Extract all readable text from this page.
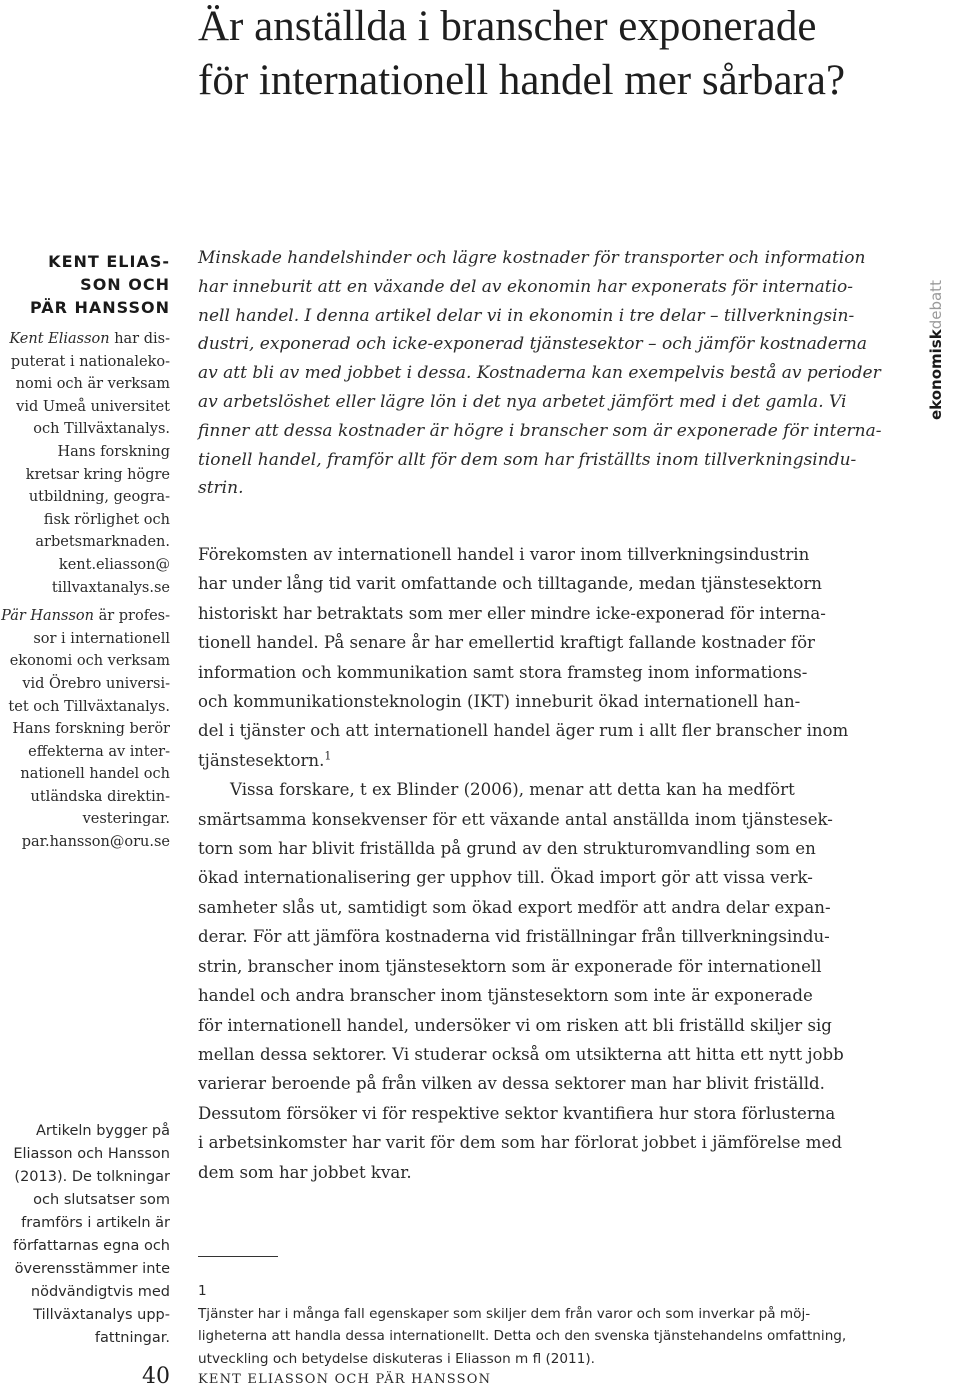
Är anställda i branscher exponerade
för internationell handel mer sårbara?
KENT ELIAS-
SON OCH
PÄR HANSSON
Kent Eliasson har dis-
puterat i nationaleko-
nomi och är verksam
vid Umeå universitet
och Tillväxtanalys.
Hans forskning
kretsar kring högre
utbildning, geogra-
fisk rörlighet och
arbetsmarknaden.
kent.eliasson@
tillvaxtanalys.se
Pär Hansson är profes-
sor i internationell
ekonomi och verksam
vid Örebro universi-
tet och Tillväxtanalys.
Hans forskning berör
effekterna av inter-
nationell handel och
utländska direktin-
vesteringar.
par.hansson@oru.se
Artikeln bygger på
Eliasson och Hansson
(2013). De tolkningar
och slutsatser som
framförs i artikeln är
författarnas egna och
överensstämmer inte
nödvändigtvis med
Tillväxtanalys upp-
fattningar.
ekonomiskdebatt
Minskade handelshinder och lägre kostnader för transporter och information
har inneburit att en växande del av ekonomin har exponerats för internatio-
nell handel. I denna artikel delar vi in ekonomin i tre delar – tillverkningsin-
dustri, exponerad och icke-exponerad tjänstesektor – och jämför kostnaderna
av att bli av med jobbet i dessa. Kostnaderna kan exempelvis bestå av perioder
av arbetslöshet eller lägre lön i det nya arbetet jämfört med i det gamla. Vi
finner att dessa kostnader är högre i branscher som är exponerade för interna-
tionell handel, framför allt för dem som har friställts inom tillverkningsindu-
strin.
Förekomsten av internationell handel i varor inom tillverkningsindustrin
har under lång tid varit omfattande och tilltagande, medan tjänstesektorn
historiskt har betraktats som mer eller mindre icke-exponerad för interna-
tionell handel. På senare år har emellertid kraftigt fallande kostnader för
information och kommunikation samt stora framsteg inom informations-
och kommunikationsteknologin (IKT) inneburit ökad internationell han-
del i tjänster och att internationell handel äger rum i allt fler branscher inom
tjänstesektorn.$^1$
Vissa forskare, t ex Blinder (2006), menar att detta kan ha medfört
smärtsamma konsekvenser för ett växande antal anställda inom tjänstesek-
torn som har blivit friställda på grund av den strukturomvandling som en
ökad internationalisering ger upphov till. Ökad import gör att vissa verk-
samheter slås ut, samtidigt som ökad export medför att andra delar expan-
derar. För att jämföra kostnaderna vid friställningar från tillverkningsindu-
strin, branscher inom tjänstesektorn som är exponerade för internationell
handel och andra branscher inom tjänstesektorn som inte är exponerade
för internationell handel, undersöker vi om risken att bli friställd skiljer sig
mellan dessa sektorer. Vi studerar också om utsikterna att hitta ett nytt jobb
varierar beroende på från vilken av dessa sektorer man har blivit friställd.
Dessutom försöker vi för respektive sektor kvantifiera hur stora förlusterna
i arbetsinkomster har varit för dem som har förlorat jobbet i jämförelse med
dem som har jobbet kvar.
1
Tjänster har i många fall egenskaper som skiljer dem från varor och som inverkar på möj-
ligheterna att handla dessa internationellt. Detta och den svenska tjänstehandelns omfattning,
utveckling och betydelse diskuteras i Eliasson m fl (2011).
40 KENT ELIASSON OCH PÄR HANSSON
